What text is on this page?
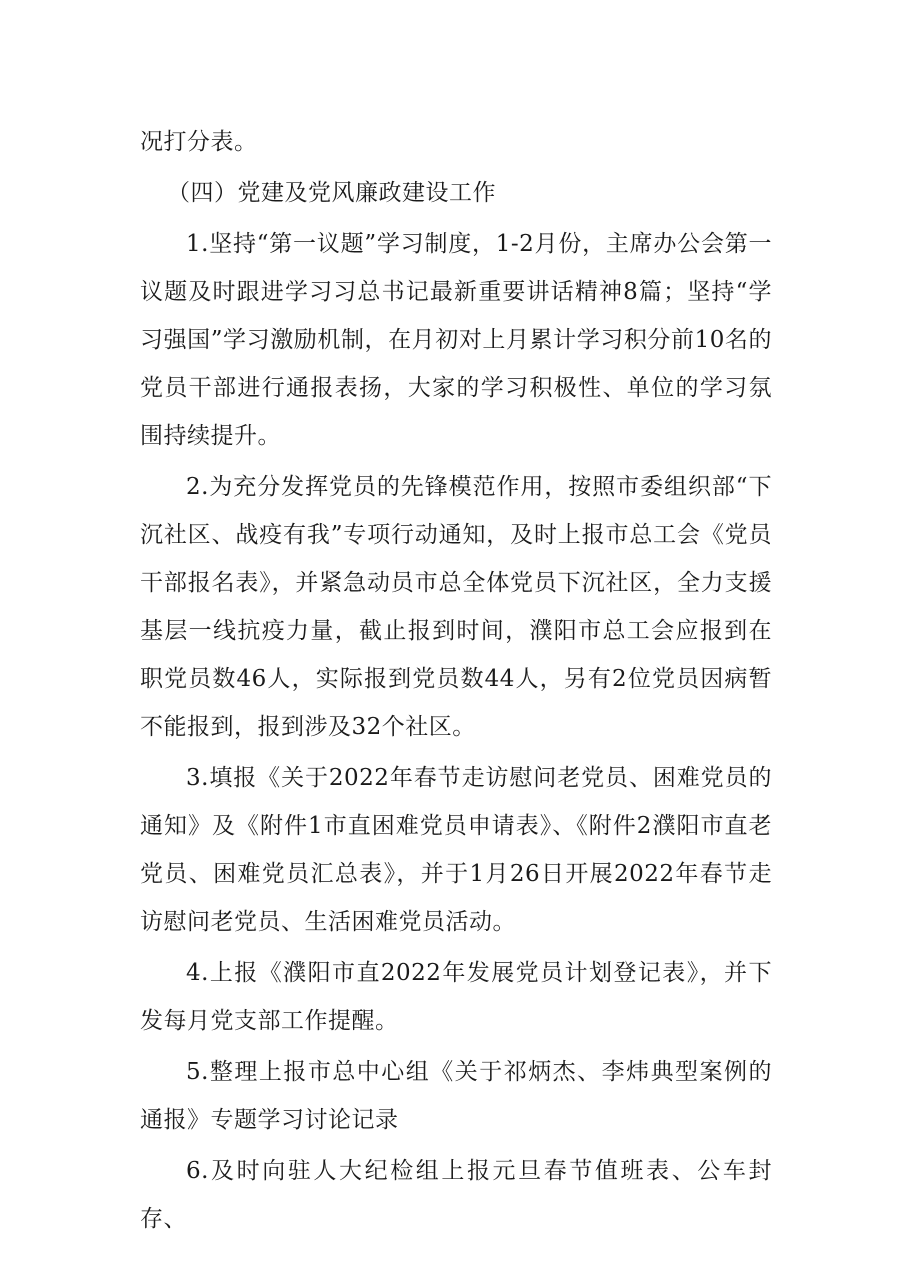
况打分表。

（四）党建及党风廉政建设工作

1.坚持“第一议题”学习制度，1-2月份，主席办公会第一议题及时跟进学习习总书记最新重要讲话精神8篇；坚持“学习强国”学习激励机制，在月初对上月累计学习积分前10名的党员干部进行通报表扬，大家的学习积极性、单位的学习氛围持续提升。

2.为充分发挥党员的先锋模范作用，按照市委组织部“下沉社区、战疫有我”专项行动通知，及时上报市总工会《党员干部报名表》，并紧急动员市总全体党员下沉社区，全力支援基层一线抗疫力量，截止报到时间，濮阳市总工会应报到在职党员数46人，实际报到党员数44人，另有2位党员因病暂不能报到，报到涉及32个社区。

3.填报《关于2022年春节走访慰问老党员、困难党员的通知》及《附件1市直困难党员申请表》、《附件2濮阳市直老党员、困难党员汇总表》，并于1月26日开展2022年春节走访慰问老党员、生活困难党员活动。

4.上报《濮阳市直2022年发展党员计划登记表》，并下发每月党支部工作提醒。

5.整理上报市总中心组《关于祁炳杰、李炜典型案例的通报》专题学习讨论记录

6.及时向驻人大纪检组上报元旦春节值班表、公车封存、
